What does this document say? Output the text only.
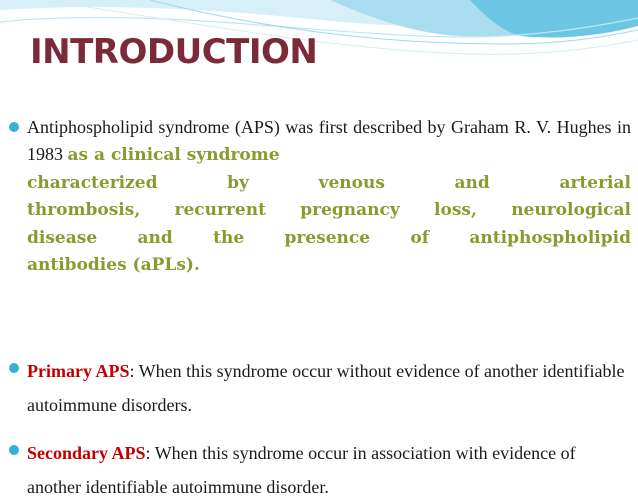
INTRODUCTION
Antiphospholipid syndrome (APS) was first described by Graham R. V. Hughes in 1983 as a clinical syndrome
characterized by venous and arterial
thrombosis, recurrent pregnancy loss, neurological
disease and the presence of antiphospholipid
antibodies (aPLs).
Primary APS: When this syndrome occur without evidence of another identifiable autoimmune disorders.
Secondary APS: When this syndrome occur in association with evidence of another identifiable autoimmune disorder.
